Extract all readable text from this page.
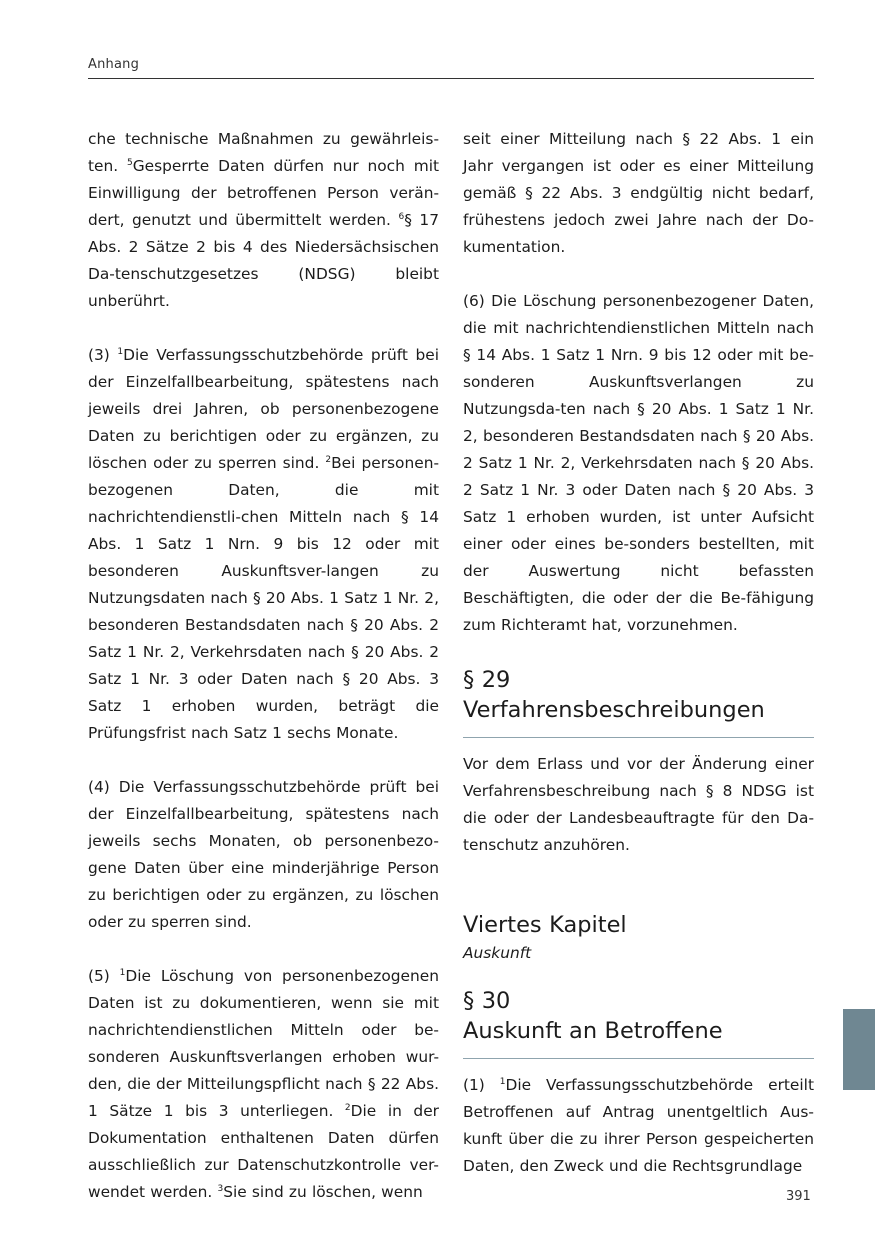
Anhang

che technische Maßnahmen zu gewährleis-ten. $^5$Gesperrte Daten dürfen nur noch mit Einwilligung der betroffenen Person verän-dert, genutzt und übermittelt werden. $^6$§ 17 Abs. 2 Sätze 2 bis 4 des Niedersächsischen Da-tenschutzgesetzes (NDSG) bleibt unberührt.

(3) $^1$Die Verfassungsschutzbehörde prüft bei der Einzelfallbearbeitung, spätestens nach jeweils drei Jahren, ob personenbezogene Daten zu berichtigen oder zu ergänzen, zu löschen oder zu sperren sind. $^2$Bei personen-bezogenen Daten, die mit nachrichtendienstli-chen Mitteln nach § 14 Abs. 1 Satz 1 Nrn. 9 bis 12 oder mit besonderen Auskunftsver-langen zu Nutzungsdaten nach § 20 Abs. 1 Satz 1 Nr. 2, besonderen Bestandsdaten nach § 20 Abs. 2 Satz 1 Nr. 2, Verkehrsdaten nach § 20 Abs. 2 Satz 1 Nr. 3 oder Daten nach § 20 Abs. 3 Satz 1 erhoben wurden, beträgt die Prüfungsfrist nach Satz 1 sechs Monate.

(4) Die Verfassungsschutzbehörde prüft bei der Einzelfallbearbeitung, spätestens nach jeweils sechs Monaten, ob personenbezo-gene Daten über eine minderjährige Person zu berichtigen oder zu ergänzen, zu löschen oder zu sperren sind.

(5) $^1$Die Löschung von personenbezogenen Daten ist zu dokumentieren, wenn sie mit nachrichtendienstlichen Mitteln oder be-sonderen Auskunftsverlangen erhoben wur-den, die der Mitteilungspflicht nach § 22 Abs. 1 Sätze 1 bis 3 unterliegen. $^2$Die in der Dokumentation enthaltenen Daten dürfen ausschließlich zur Datenschutzkontrolle ver-wendet werden. $^3$Sie sind zu löschen, wenn

seit einer Mitteilung nach § 22 Abs. 1 ein Jahr vergangen ist oder es einer Mitteilung gemäß § 22 Abs. 3 endgültig nicht bedarf, frühestens jedoch zwei Jahre nach der Do-kumentation.

(6) Die Löschung personenbezogener Daten, die mit nachrichtendienstlichen Mitteln nach § 14 Abs. 1 Satz 1 Nrn. 9 bis 12 oder mit be-sonderen Auskunftsverlangen zu Nutzungsda-ten nach § 20 Abs. 1 Satz 1 Nr. 2, besonderen Bestandsdaten nach § 20 Abs. 2 Satz 1 Nr. 2, Verkehrsdaten nach § 20 Abs. 2 Satz 1 Nr. 3 oder Daten nach § 20 Abs. 3 Satz 1 erhoben wurden, ist unter Aufsicht einer oder eines be-sonders bestellten, mit der Auswertung nicht befassten Beschäftigten, die oder der die Be-fähigung zum Richteramt hat, vorzunehmen.

§ 29
Verfahrensbeschreibungen

Vor dem Erlass und vor der Änderung einer Verfahrensbeschreibung nach § 8 NDSG ist die oder der Landesbeauftragte für den Da-tenschutz anzuhören.

Viertes Kapitel
Auskunft
§ 30
Auskunft an Betroffene

(1) $^1$Die Verfassungsschutzbehörde erteilt Betroffenen auf Antrag unentgeltlich Aus-kunft über die zu ihrer Person gespeicherten Daten, den Zweck und die Rechtsgrundlage

391
